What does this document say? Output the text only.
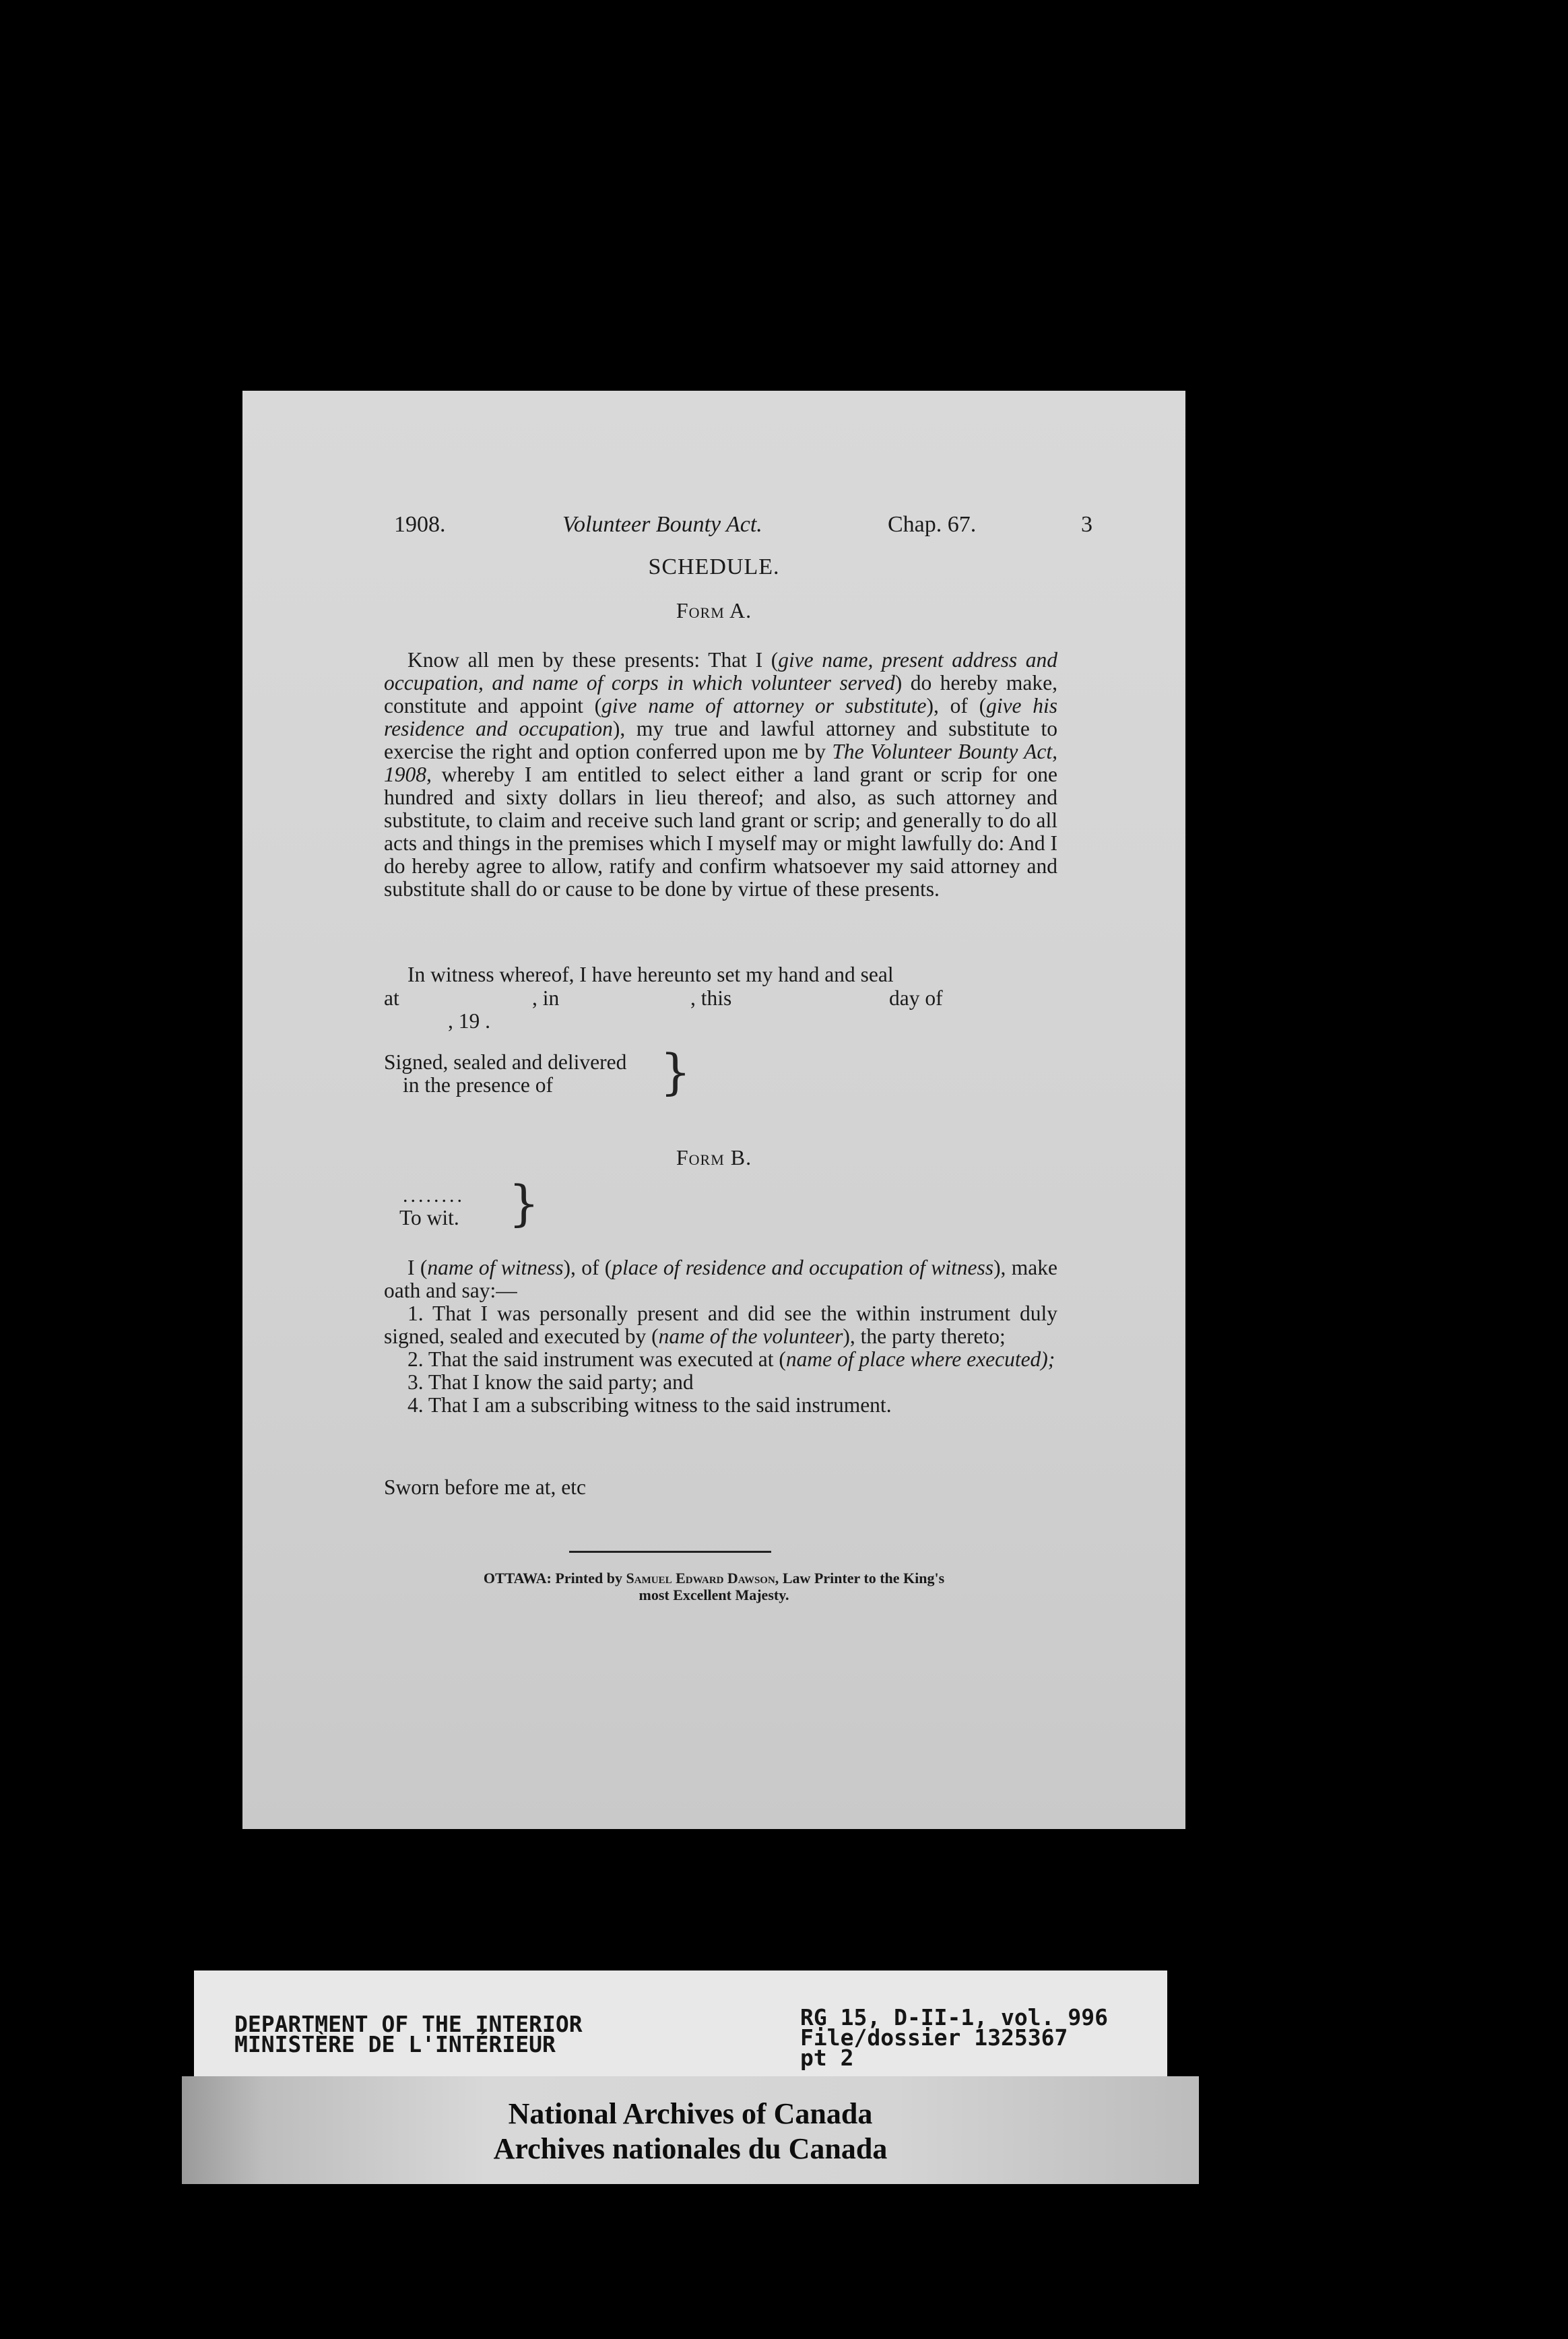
1908.	Volunteer Bounty Act.	Chap. 67.	3
SCHEDULE.
Form A.
Know all men by these presents: That I (give name, present address and occupation, and name of corps in which volunteer served) do hereby make, constitute and appoint (give name of attorney or substitute), of (give his residence and occupation), my true and lawful attorney and substitute to exercise the right and option conferred upon me by The Volunteer Bounty Act, 1908, whereby I am entitled to select either a land grant or scrip for one hundred and sixty dollars in lieu thereof; and also, as such attorney and substitute, to claim and receive such land grant or scrip; and generally to do all acts and things in the premises which I myself may or might lawfully do: And I do hereby agree to allow, ratify and confirm whatsoever my said attorney and substitute shall do or cause to be done by virtue of these presents.
In witness whereof, I have hereunto set my hand and seal
at	, in	, this	day of
, 19 .
Signed, sealed and delivered
in the presence of	}
Form B.
........
To wit. }

I (name of witness), of (place of residence and occupation of witness), make oath and say:—

1. That I was personally present and did see the within instrument duly signed, sealed and executed by (name of the volunteer), the party thereto;

2. That the said instrument was executed at (name of place where executed);

3. That I know the said party; and

4. That I am a subscribing witness to the said instrument.

Sworn before me at, etc
OTTAWA: Printed by Samuel Edward Dawson, Law Printer to the King's
most Excellent Majesty.
DEPARTMENT OF THE INTERIOR
MINISTÈRE DE L'INTÉRIEUR
RG 15, D-II-1, vol. 996
File/dossier 1325367
pt 2
National Archives of Canada
Archives nationales du Canada
